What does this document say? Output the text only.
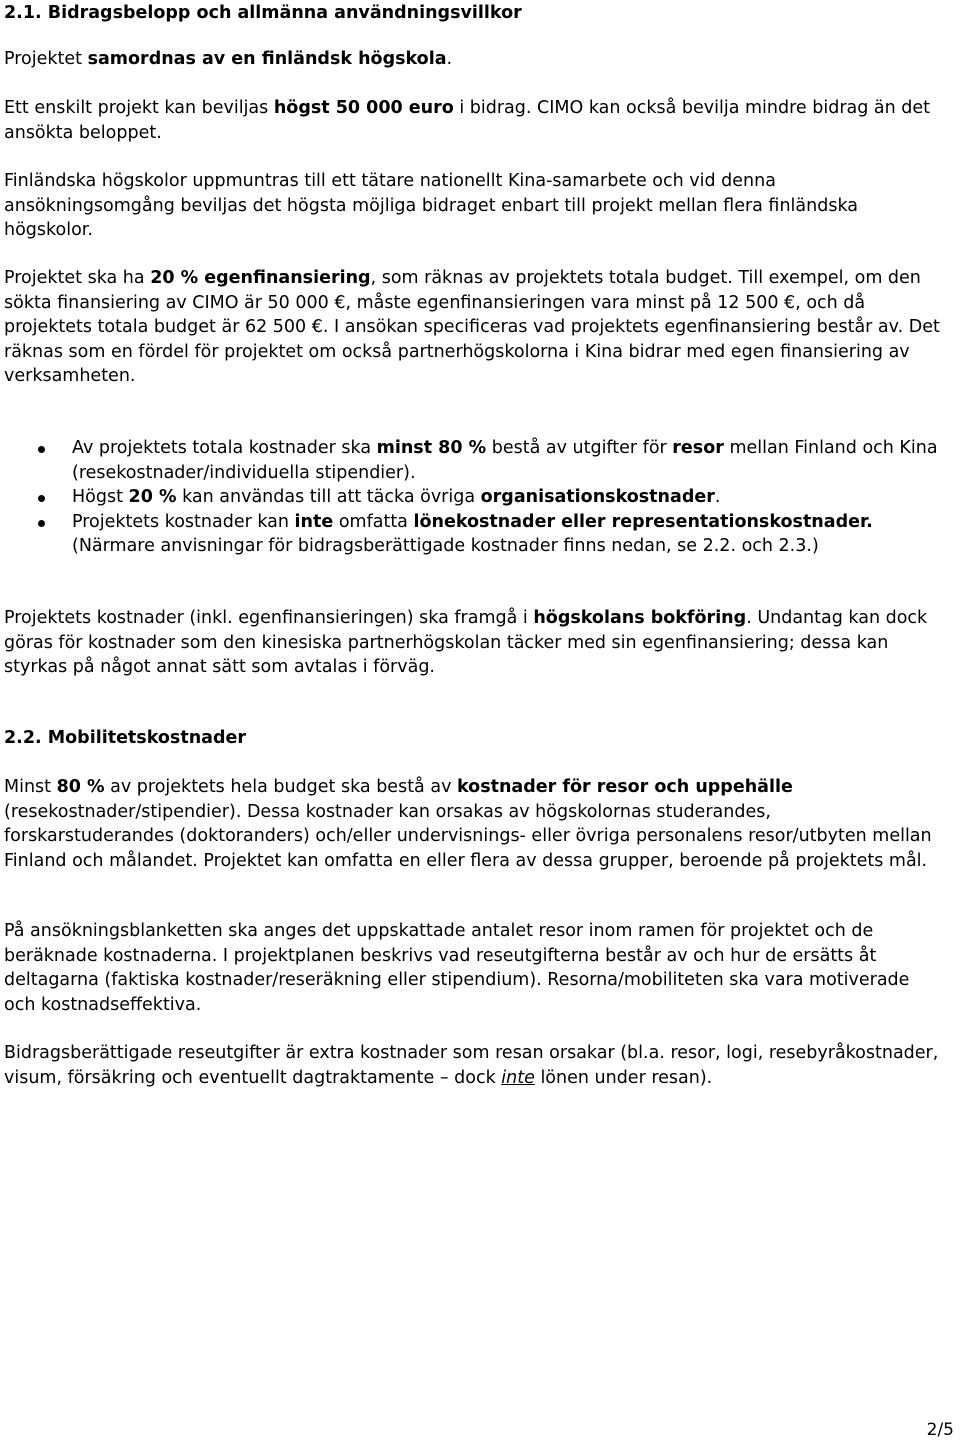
2.1. Bidragsbelopp och allmänna användningsvillkor

Projektet samordnas av en finländsk högskola.

Ett enskilt projekt kan beviljas högst 50 000 euro i bidrag. CIMO kan också bevilja mindre bidrag än det ansökta beloppet.

Finländska högskolor uppmuntras till ett tätare nationellt Kina-samarbete och vid denna ansökningsomgång beviljas det högsta möjliga bidraget enbart till projekt mellan flera finländska högskolor.

Projektet ska ha 20 % egenfinansiering, som räknas av projektets totala budget. Till exempel, om den sökta finansiering av CIMO är 50 000 €, måste egenfinansieringen vara minst på 12 500 €, och då projektets totala budget är 62 500 €. I ansökan specificeras vad projektets egenfinansiering består av. Det räknas som en fördel för projektet om också partnerhögskolorna i Kina bidrar med egen finansiering av verksamheten.

Av projektets totala kostnader ska minst 80 % bestå av utgifter för resor mellan Finland och Kina (resekostnader/individuella stipendier).
Högst 20 % kan användas till att täcka övriga organisationskostnader.
Projektets kostnader kan inte omfatta lönekostnader eller representationskostnader. (Närmare anvisningar för bidragsberättigade kostnader finns nedan, se 2.2. och 2.3.)

Projektets kostnader (inkl. egenfinansieringen) ska framgå i högskolans bokföring. Undantag kan dock göras för kostnader som den kinesiska partnerhögskolan täcker med sin egenfinansiering; dessa kan styrkas på något annat sätt som avtalas i förväg.

2.2. Mobilitetskostnader

Minst 80 % av projektets hela budget ska bestå av kostnader för resor och uppehälle (resekostnader/stipendier). Dessa kostnader kan orsakas av högskolornas studerandes, forskarstuderandes (doktoranders) och/eller undervisnings- eller övriga personalens resor/utbyten mellan Finland och målandet. Projektet kan omfatta en eller flera av dessa grupper, beroende på projektets mål.

På ansökningsblanketten ska anges det uppskattade antalet resor inom ramen för projektet och de beräknade kostnaderna. I projektplanen beskrivs vad reseutgifterna består av och hur de ersätts åt deltagarna (faktiska kostnader/reseräkning eller stipendium). Resorna/mobiliteten ska vara motiverade och kostnadseffektiva.

Bidragsberättigade reseutgifter är extra kostnader som resan orsakar (bl.a. resor, logi, resebyråkostnader, visum, försäkring och eventuellt dagtraktamente – dock inte lönen under resan).

2/5
